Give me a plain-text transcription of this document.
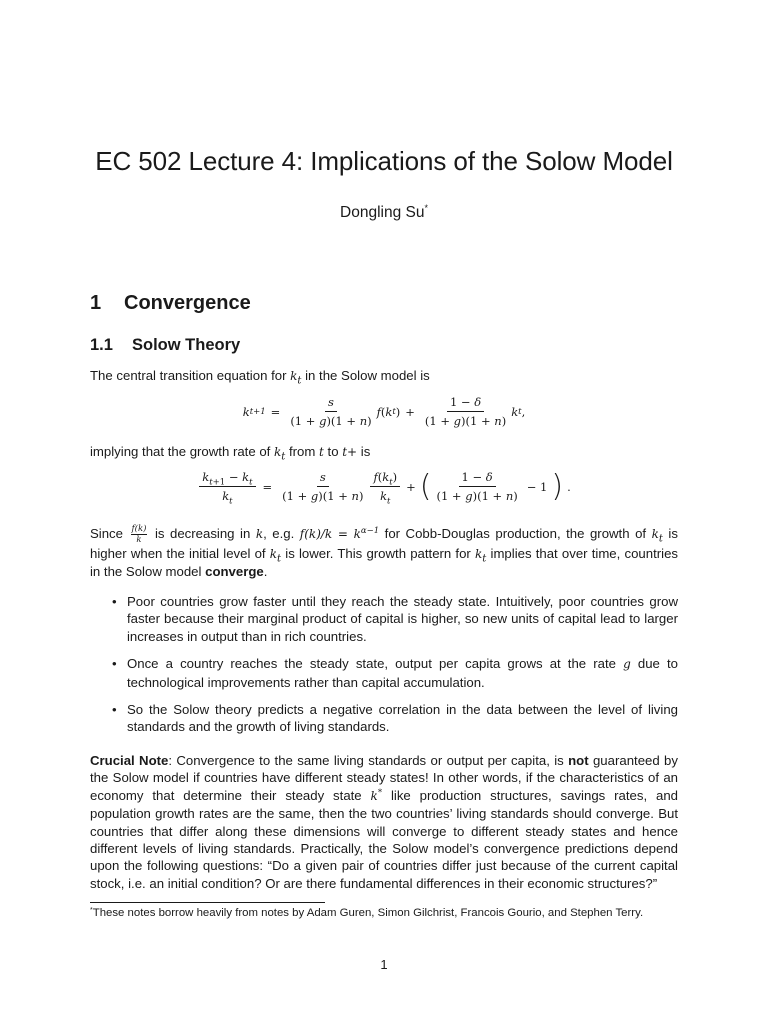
EC 502 Lecture 4: Implications of the Solow Model
Dongling Su*
1 Convergence
1.1 Solow Theory
The central transition equation for $k_t$ in the Solow model is
k $t+1 = \frac{s}{(1 + g)(1 + n)}$ f ( k t ) + $\frac{1 - \delta}{(1 + g)(1 + n)}$ k t ,
implying that the growth rate of $k_t$ from t to t+ is
$\frac{k_{t+1} - k_t}{k_t} = \frac{s}{(1 + g)(1 + n)} \frac{f(k_t)}{k_t}$ + ( $\frac{1 - \delta}{(1 + g)(1 + n)} - 1$ ) .
Since $\frac{f(k)}{k}$ is decreasing in k, e.g. $f(k)/k = k^{\alpha-1}$ for Cobb-Douglas production, the growth of $k_t$ is higher when the initial level of $k_t$ is lower. This growth pattern for $k_t$ implies that over time, countries in the Solow model converge.
• Poor countries grow faster until they reach the steady state. Intuitively, poor countries grow faster because their marginal product of capital is higher, so new units of capital lead to larger increases in output than in rich countries.
• Once a country reaches the steady state, output per capita grows at the rate g due to technological improvements rather than capital accumulation.
• So the Solow theory predicts a negative correlation in the data between the level of living standards and the growth of living standards.
Crucial Note: Convergence to the same living standards or output per capita, is not guaranteed by the Solow model if countries have different steady states! In other words, if the characteristics of an economy that determine their steady state k* like production structures, savings rates, and population growth rates are the same, then the two countries’ living standards should converge. But countries that differ along these dimensions will converge to different steady states and hence different levels of living standards. Practically, the Solow model’s convergence predictions depend upon the following questions: “Do a given pair of countries differ just because of the current capital stock, i.e. an initial condition? Or are there fundamental differences in their economic structures?”
*These notes borrow heavily from notes by Adam Guren, Simon Gilchrist, Francois Gourio, and Stephen Terry.
1
